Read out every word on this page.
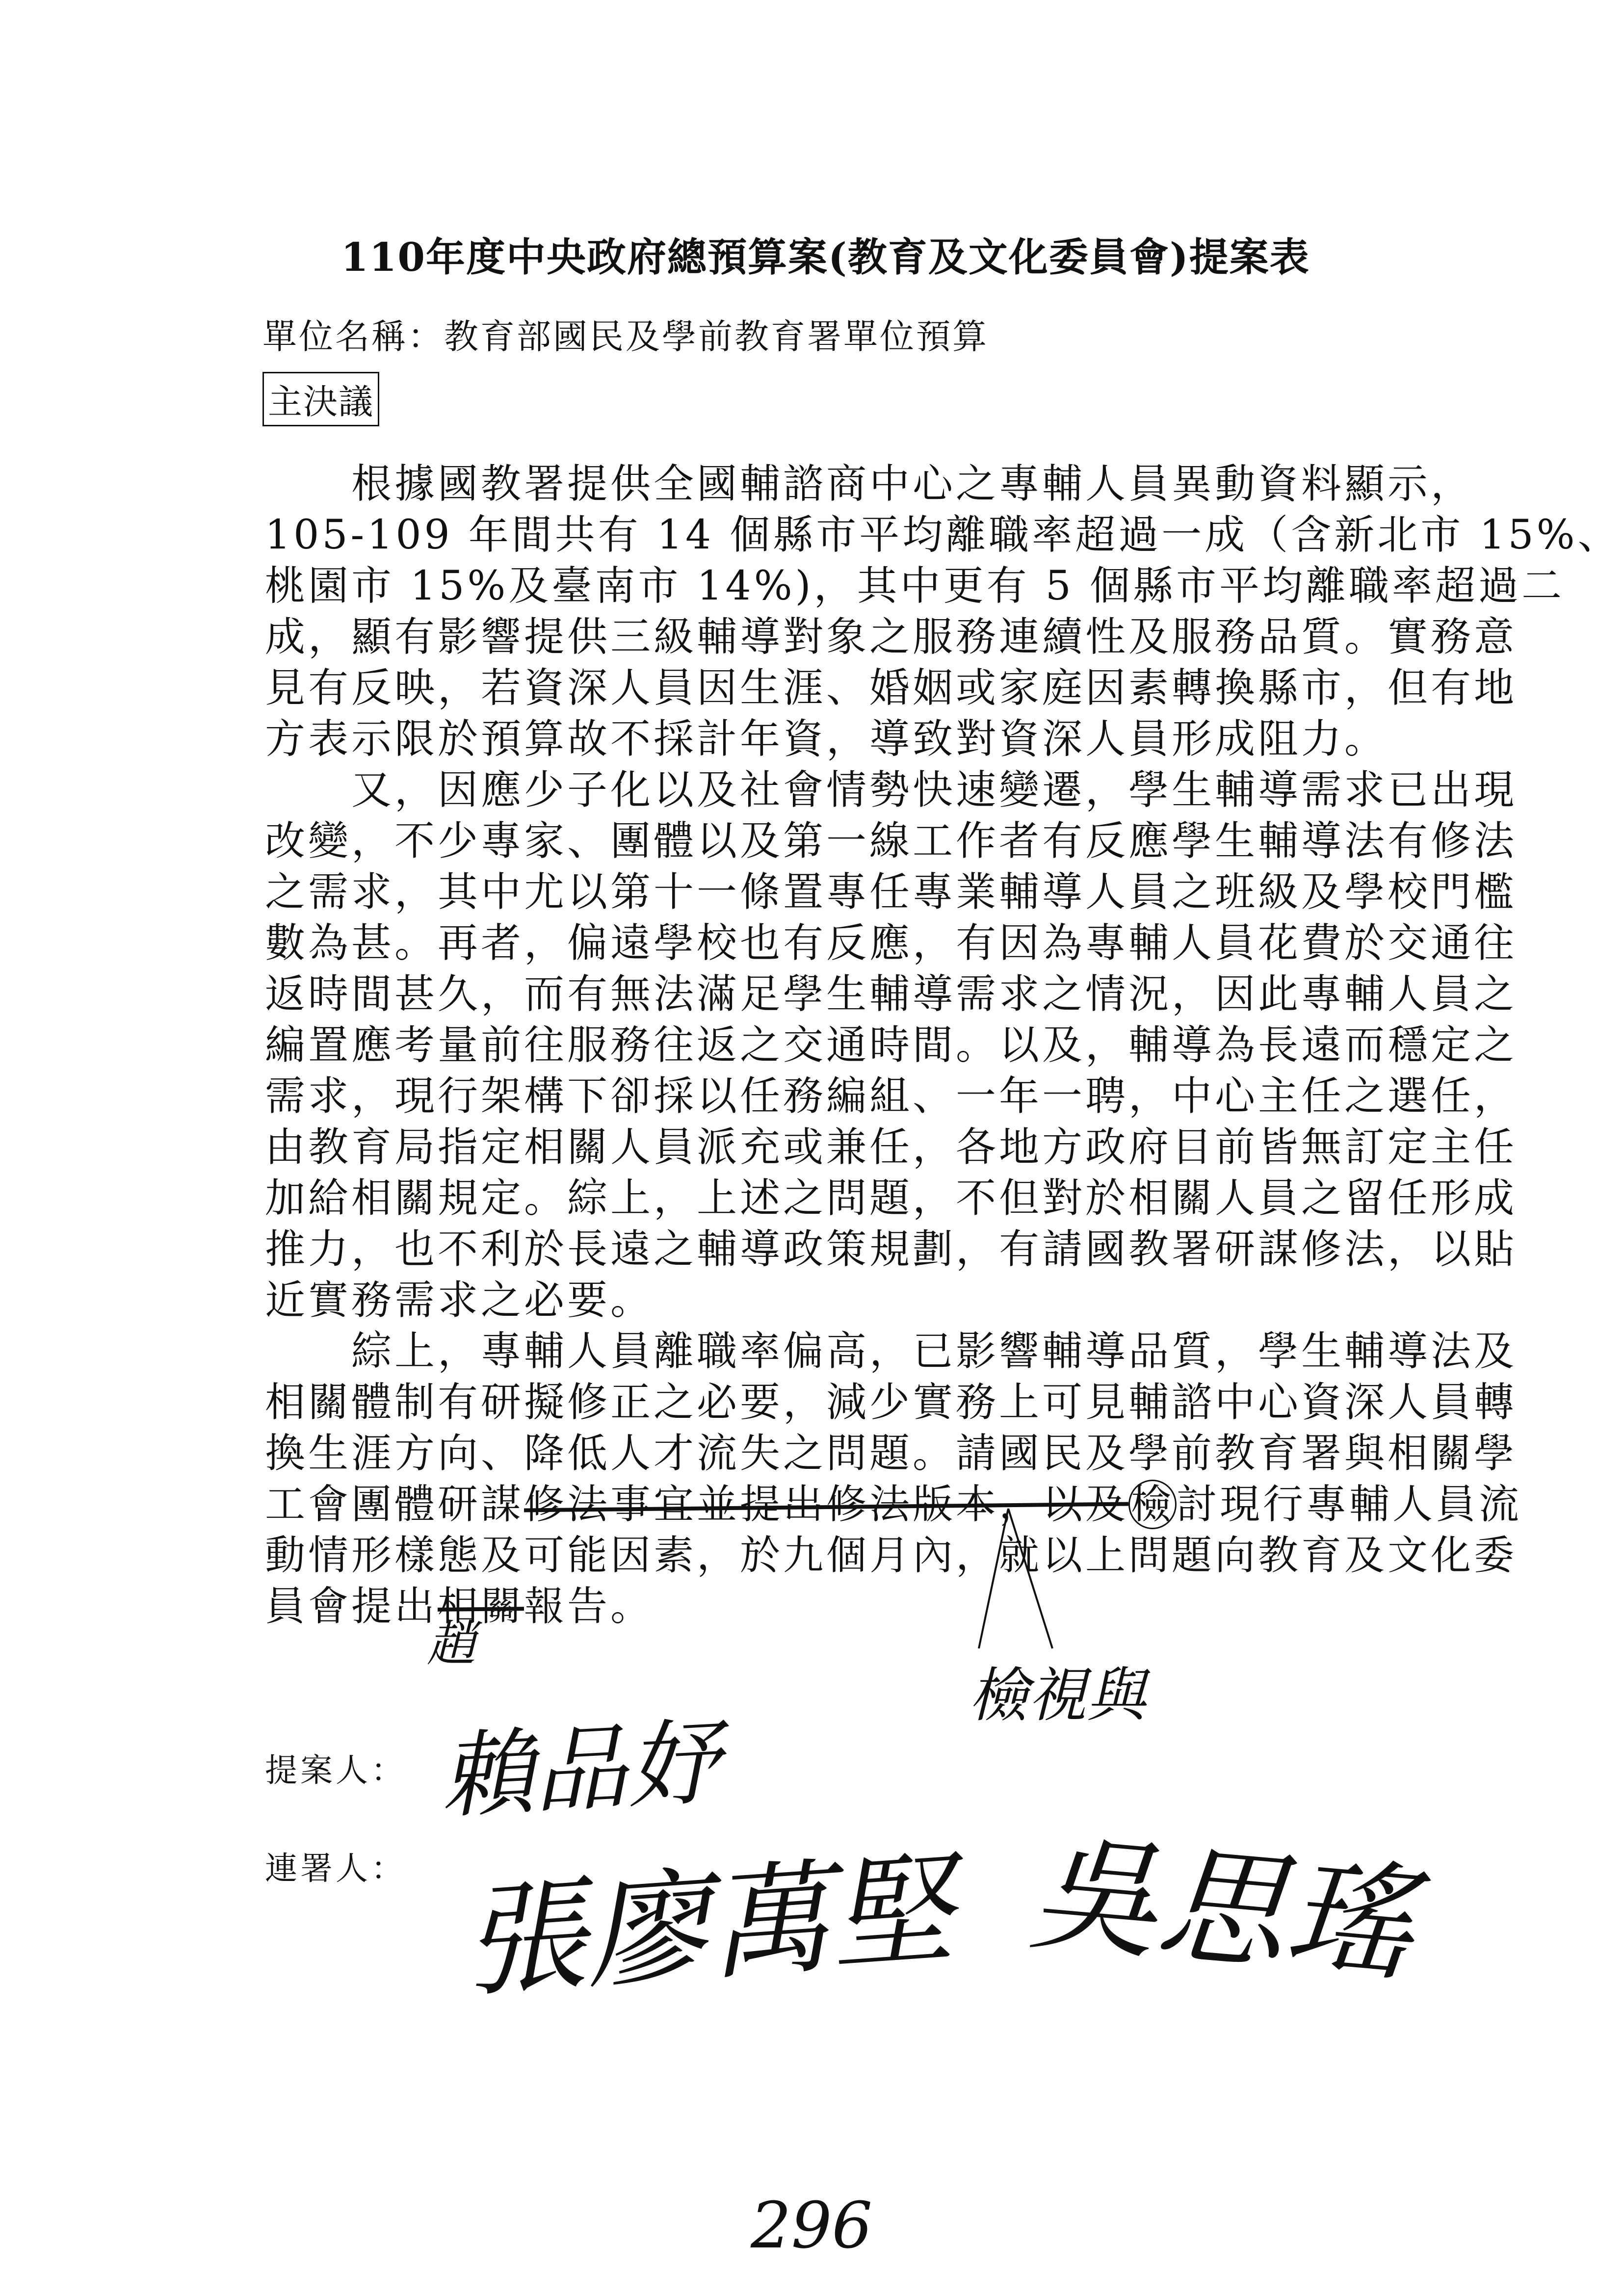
110年度中央政府總預算案(教育及文化委員會)提案表
單位名稱：教育部國民及學前教育署單位預算
主決議
　　根據國教署提供全國輔諮商中心之專輔人員異動資料顯示，
105-109 年間共有 14 個縣市平均離職率超過一成（含新北市 15%、
桃園市 15%及臺南市 14%)，其中更有 5 個縣市平均離職率超過二
成，顯有影響提供三級輔導對象之服務連續性及服務品質。實務意
見有反映，若資深人員因生涯、婚姻或家庭因素轉換縣市，但有地
方表示限於預算故不採計年資，導致對資深人員形成阻力。
　　又，因應少子化以及社會情勢快速變遷，學生輔導需求已出現
改變，不少專家、團體以及第一線工作者有反應學生輔導法有修法
之需求，其中尤以第十一條置專任專業輔導人員之班級及學校門檻
數為甚。再者，偏遠學校也有反應，有因為專輔人員花費於交通往
返時間甚久，而有無法滿足學生輔導需求之情況，因此專輔人員之
編置應考量前往服務往返之交通時間。以及，輔導為長遠而穩定之
需求，現行架構下卻採以任務編組、一年一聘，中心主任之選任，
由教育局指定相關人員派充或兼任，各地方政府目前皆無訂定主任
加給相關規定。綜上，上述之問題，不但對於相關人員之留任形成
推力，也不利於長遠之輔導政策規劃，有請國教署研謀修法，以貼
近實務需求之必要。
　　綜上，專輔人員離職率偏高，已影響輔導品質，學生輔導法及
相關體制有研擬修正之必要，減少實務上可見輔諮中心資深人員轉
換生涯方向、降低人才流失之問題。請國民及學前教育署與相關學
工會團體研謀修法事宜並提出修法版本，以及檢討現行專輔人員流
動情形樣態及可能因素，於九個月內，就以上問題向教育及文化委
員會提出相關報告。
提案人：
連署人：
檢視與
趙
賴品妤
張廖萬堅 吳思瑤
296
